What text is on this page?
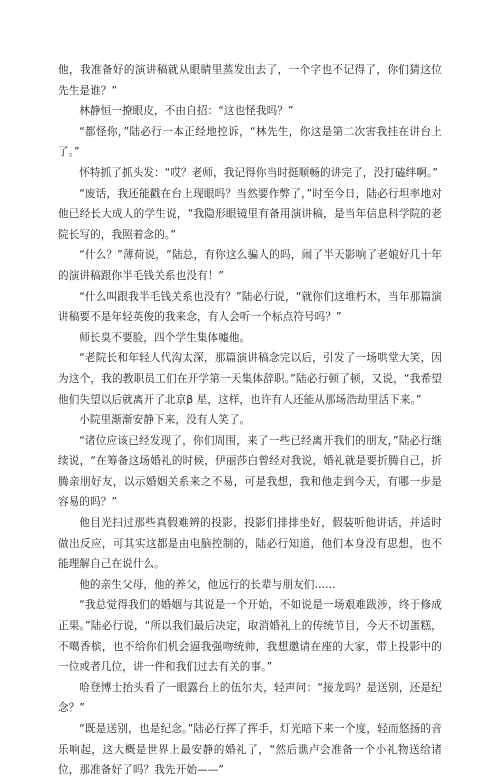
他，我准备好的演讲稿就从眼睛里蒸发出去了，一个字也不记得了，你们猜这位先生是谁？”

林静恒一撩眼皮，不由自招：“这也怪我吗？”

“都怪你，”陆必行一本正经地控诉，“林先生，你这是第二次害我挂在讲台上了。”

怀特抓了抓头发：“哎？老师，我记得你当时挺顺畅的讲完了，没打磕绊啊。”

“废话，我还能戳在台上现眼吗？当然要作弊了，”时至今日，陆必行坦率地对他已经长大成人的学生说，“我隐形眼镜里有备用演讲稿，是当年信息科学院的老院长写的，我照着念的。”

“什么？”薄荷说，“陆总，有你这么骗人的吗，闹了半天影响了老娘好几十年的演讲稿跟你半毛钱关系也没有！”

“什么叫跟我半毛钱关系也没有？”陆必行说，“就你们这堆朽木，当年那篇演讲稿要不是年轻英俊的我来念，有人会听一个标点符号吗？”

师长臭不要脸，四个学生集体嘘他。

“老院长和年轻人代沟太深，那篇演讲稿念完以后，引发了一场哄堂大笑，因为这个，我的教职员工们在开学第一天集体辞职。”陆必行顿了顿，又说，“我希望他们失望以后就离开了北京β 星，这样，也许有人还能从那场浩劫里活下来。”

小院里渐渐安静下来，没有人笑了。

“诸位应该已经发现了，你们周围，来了一些已经离开我们的朋友，”陆必行继续说，“在筹备这场婚礼的时候，伊丽莎白曾经对我说，婚礼就是要折腾自己，折腾亲朋好友，以示婚姻关系来之不易，可是我想，我和他走到今天，有哪一步是容易的吗？”

他目光扫过那些真假难辨的投影，投影们排排坐好，假装听他讲话，并适时做出反应，可其实这都是由电脑控制的，陆必行知道，他们本身没有思想，也不能理解自己在说什么。

他的亲生父母，他的养父，他远行的长辈与朋友们……

“我总觉得我们的婚姻与其说是一个开始，不如说是一场艰难跋涉，终于修成正果。”陆必行说，“所以我们最后决定，取消婚礼上的传统节目，今天不切蛋糕，不噶香槟，也不给你们机会逼我强吻统帅，我想邀请在座的大家，带上投影中的一位或者几位，讲一件和我们过去有关的事。”

哈登博士抬头看了一眼露台上的伍尔夫，轻声问：“接龙吗？是送别，还是纪念？”

“既是送别，也是纪念。”陆必行挥了挥手，灯光暗下来一个度，轻而悠扬的音乐响起，这大概是世界上最安静的婚礼了，“然后谯卢会准备一个小礼物送给诸位，那准备好了吗？我先开始——”
